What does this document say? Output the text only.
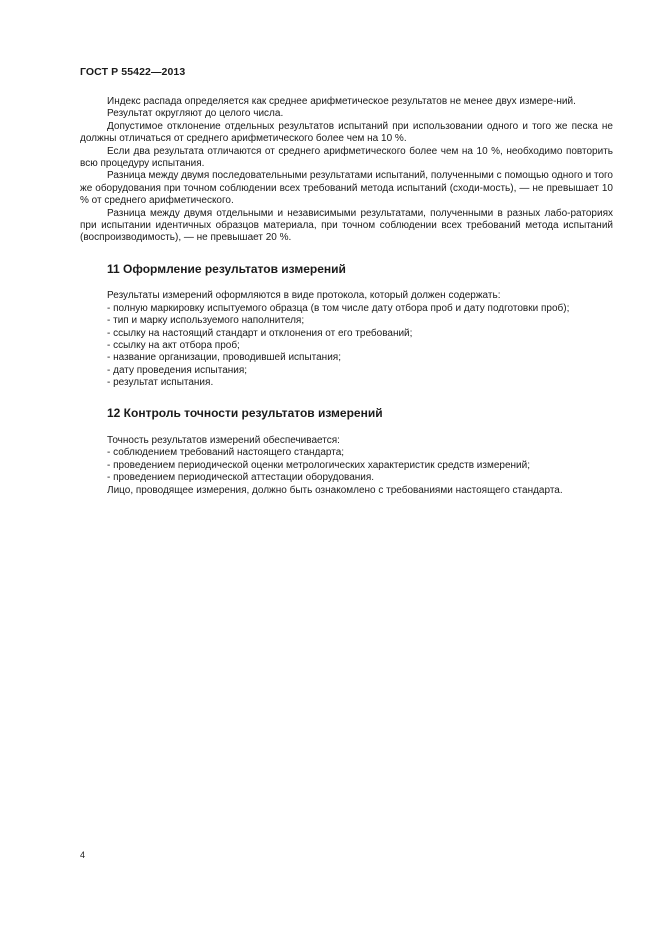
ГОСТ Р 55422—2013

Индекс распада определяется как среднее арифметическое результатов не менее двух измере-ний.

Результат округляют до целого числа.

Допустимое отклонение отдельных результатов испытаний при использовании одного и того же песка не должны отличаться от среднего арифметического более чем на 10 %.

Если два результата отличаются от среднего арифметического более чем на 10 %, необходимо повторить всю процедуру испытания.

Разница между двумя последовательными результатами испытаний, полученными с помощью одного и того же оборудования при точном соблюдении всех требований метода испытаний (сходи-мость), — не превышает 10 % от среднего арифметического.

Разница между двумя отдельными и независимыми результатами, полученными в разных лабо-раториях при испытании идентичных образцов материала, при точном соблюдении всех требований метода испытаний (воспроизводимость), — не превышает 20 %.

11 Оформление результатов измерений

Результаты измерений оформляются в виде протокола, который должен содержать:

- полную маркировку испытуемого образца (в том числе дату отбора проб и дату подготовки проб);

- тип и марку используемого наполнителя;

- ссылку на настоящий стандарт и отклонения от его требований;

- ссылку на акт отбора проб;

- название организации, проводившей испытания;

- дату проведения испытания;

- результат испытания.

12 Контроль точности результатов измерений

Точность результатов измерений обеспечивается:

- соблюдением требований настоящего стандарта;

- проведением периодической оценки метрологических характеристик средств измерений;

- проведением периодической аттестации оборудования.

Лицо, проводящее измерения, должно быть ознакомлено с требованиями настоящего стандарта.

4
